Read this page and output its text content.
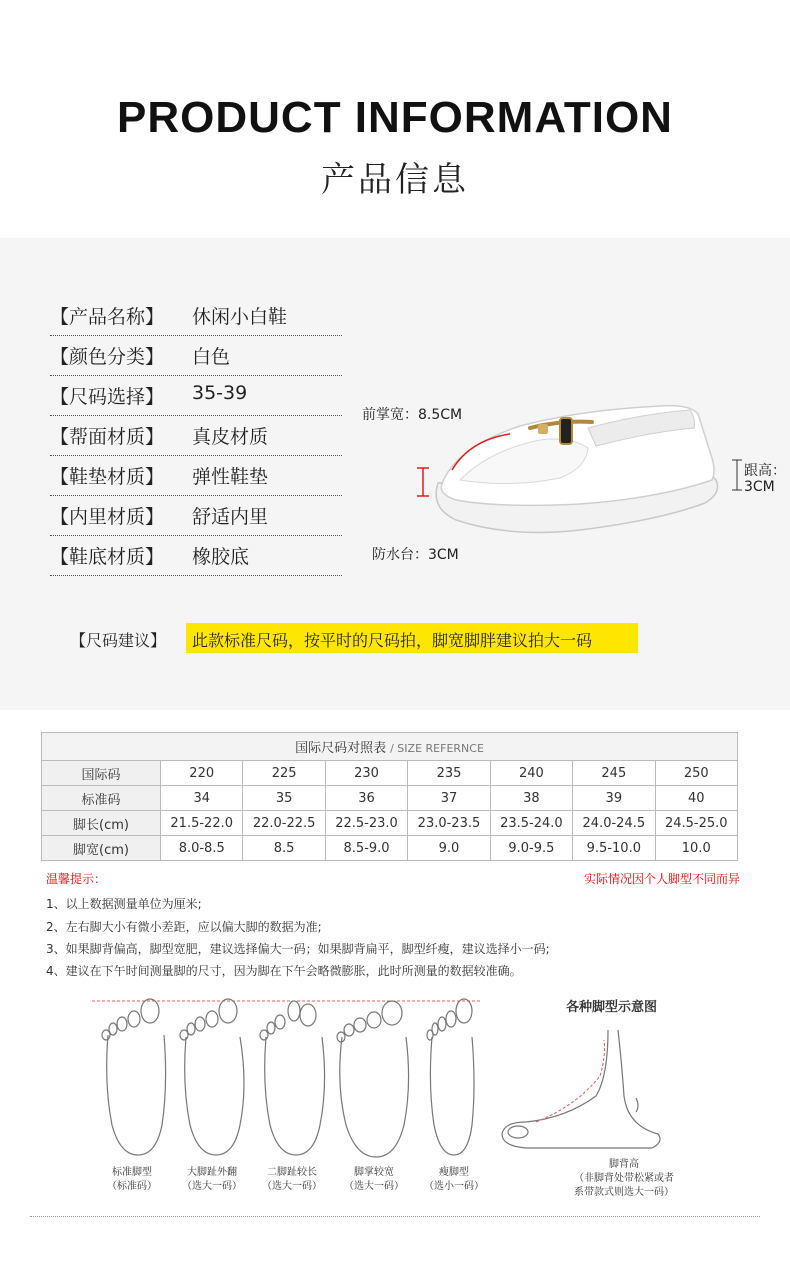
PRODUCT INFORMATION
产品信息
【产品名称】 休闲小白鞋
【颜色分类】 白色
【尺码选择】 35-39
【帮面材质】 真皮材质
【鞋垫材质】 弹性鞋垫
【内里材质】 舒适内里
【鞋底材质】 橡胶底
前掌宽：8.5CM
跟高：
3CM
防水台：3CM
【尺码建议】 此款标准尺码，按平时的尺码拍，脚宽脚胖建议拍大一码
国际尺码对照表 / SIZE REFERNCE							
国际码	220	225	230	235	240	245	250
标准码	34	35	36	37	38	39	40
脚长(cm)	21.5-22.0	22.0-22.5	22.5-23.0	23.0-23.5	23.5-24.0	24.0-24.5	24.5-25.0
脚宽(cm)	8.0-8.5	8.5	8.5-9.0	9.0	9.0-9.5	9.5-10.0	10.0
温馨提示：	实际情况因个人脚型不同而异
1、以上数据测量单位为厘米;
2、左右脚大小有微小差距，应以偏大脚的数据为准;
3、如果脚背偏高，脚型宽肥，建议选择偏大一码；如果脚背扁平，脚型纤瘦，建议选择小一码;
4、建议在下午时间测量脚的尺寸，因为脚在下午会略微膨胀，此时所测量的数据较准确。
标准脚型
（标准码）
大脚趾外翻
（选大一码）
二脚趾较长
（选大一码）
脚掌较宽
（选大一码）
瘦脚型
（选小一码）
各种脚型示意图
脚背高
（非脚背处带松紧或者
系带款式则选大一码）
